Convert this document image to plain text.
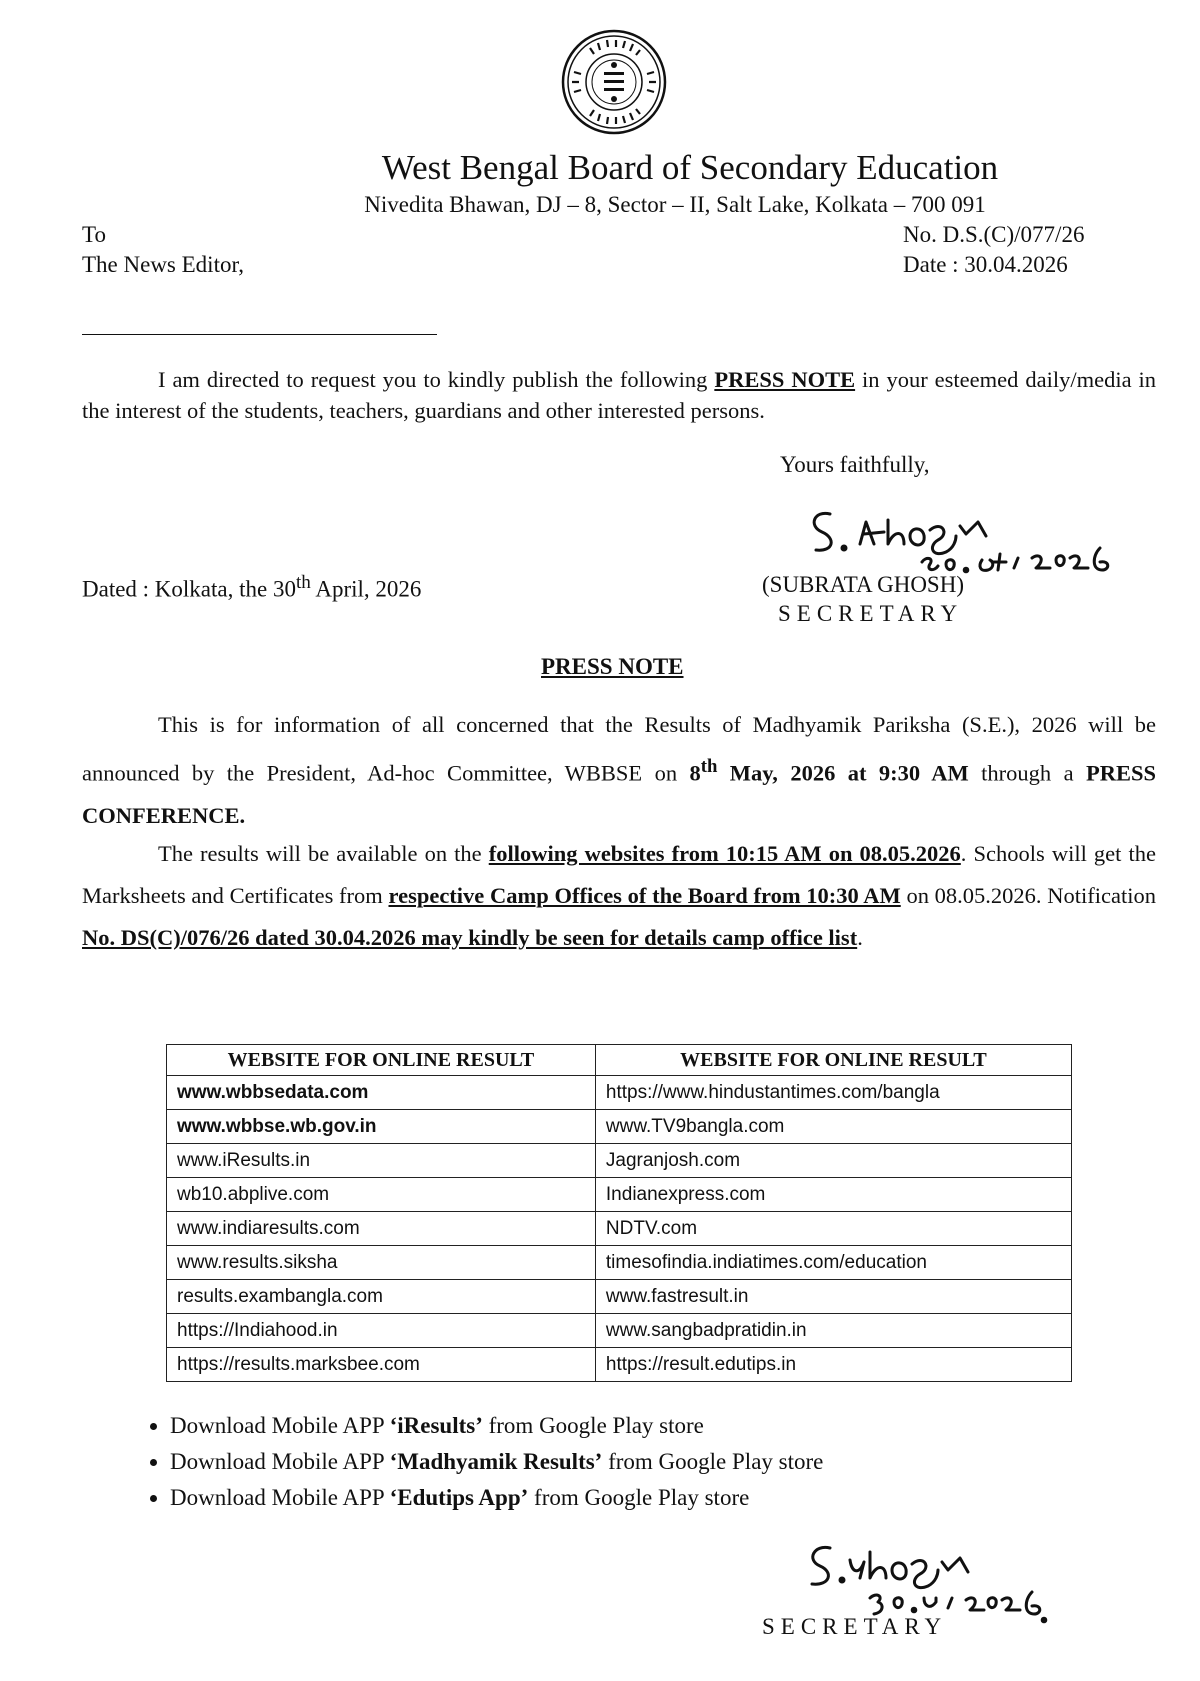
West Bengal Board of Secondary Education
Nivedita Bhawan, DJ – 8, Sector – II, Salt Lake, Kolkata – 700 091
To
The News Editor,
No. D.S.(C)/077/26
Date : 30.04.2026
I am directed to request you to kindly publish the following PRESS NOTE in your esteemed daily/media in the interest of the students, teachers, guardians and other interested persons.
Yours faithfully,
Dated : Kolkata, the 30th April, 2026	(SUBRATA GHOSH)
SECRETARY
PRESS NOTE
This is for information of all concerned that the Results of Madhyamik Pariksha (S.E.), 2026 will be announced by the President, Ad-hoc Committee, WBBSE on 8th May, 2026 at 9:30 AM through a PRESS CONFERENCE.
The results will be available on the following websites from 10:15 AM on 08.05.2026. Schools will get the Marksheets and Certificates from respective Camp Offices of the Board from 10:30 AM on 08.05.2026. Notification No. DS(C)/076/26 dated 30.04.2026 may kindly be seen for details camp office list.
WEBSITE FOR ONLINE RESULT	WEBSITE FOR ONLINE RESULT
www.wbbsedata.com	https://www.hindustantimes.com/bangla
www.wbbse.wb.gov.in	www.TV9bangla.com
www.iResults.in	Jagranjosh.com
wb10.abplive.com	Indianexpress.com
www.indiaresults.com	NDTV.com
www.results.siksha	timesofindia.indiatimes.com/education
results.exambangla.com	www.fastresult.in
https://Indiahood.in	www.sangbadpratidin.in
https://results.marksbee.com	https://result.edutips.in
• Download Mobile APP ‘iResults’ from Google Play store
• Download Mobile APP ‘Madhyamik Results’ from Google Play store
• Download Mobile APP ‘Edutips App’ from Google Play store
SECRETARY
